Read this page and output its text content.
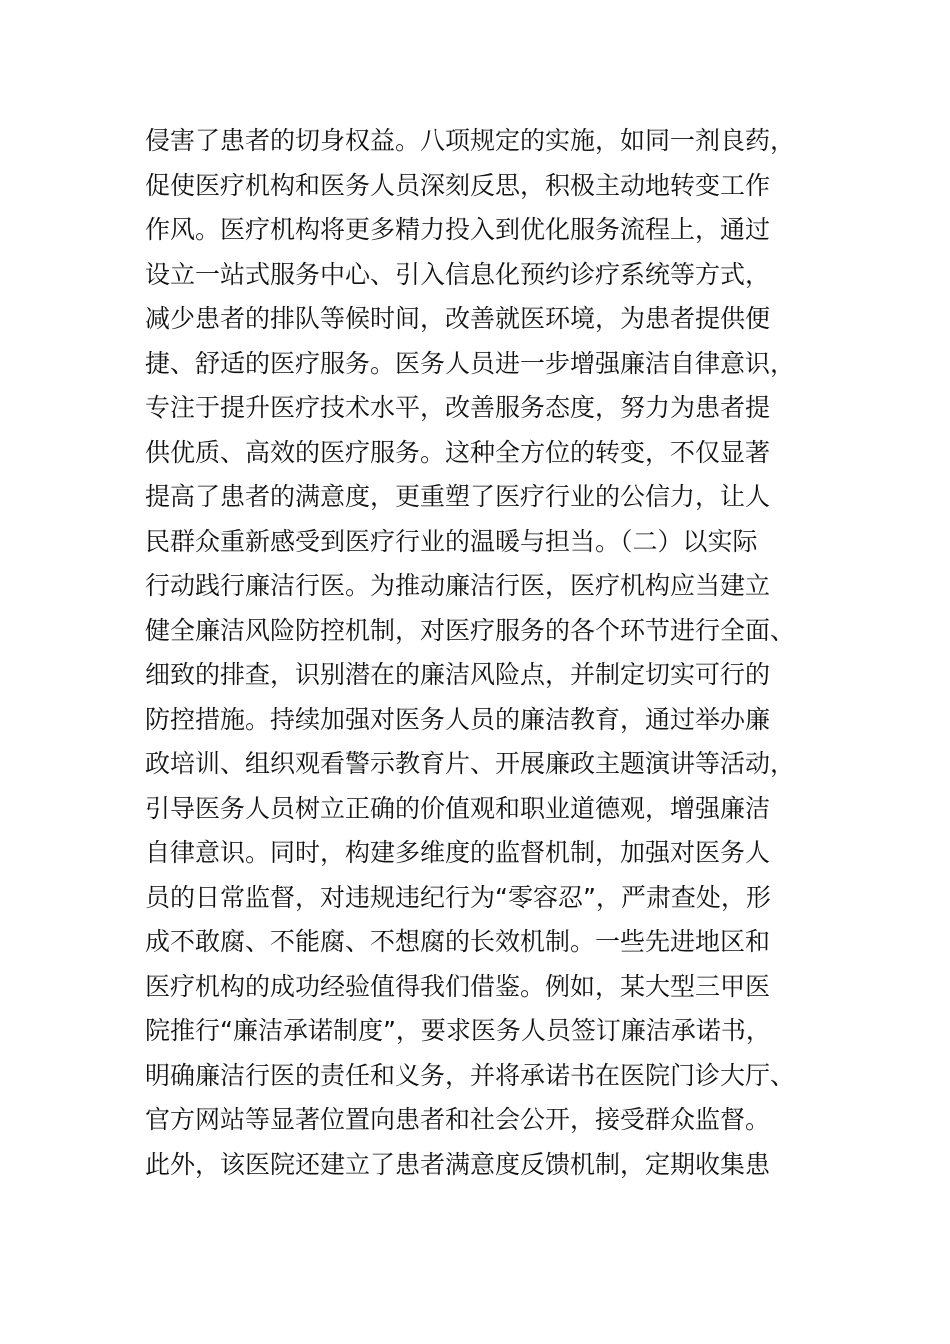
侵害了患者的切身权益。八项规定的实施，如同一剂良药，
促使医疗机构和医务人员深刻反思，积极主动地转变工作
作风。医疗机构将更多精力投入到优化服务流程上，通过
设立一站式服务中心、引入信息化预约诊疗系统等方式，
减少患者的排队等候时间，改善就医环境，为患者提供便
捷、舒适的医疗服务。医务人员进一步增强廉洁自律意识，
专注于提升医疗技术水平，改善服务态度，努力为患者提
供优质、高效的医疗服务。这种全方位的转变，不仅显著
提高了患者的满意度，更重塑了医疗行业的公信力，让人
民群众重新感受到医疗行业的温暖与担当。（二）以实际
行动践行廉洁行医。为推动廉洁行医，医疗机构应当建立
健全廉洁风险防控机制，对医疗服务的各个环节进行全面、
细致的排查，识别潜在的廉洁风险点，并制定切实可行的
防控措施。持续加强对医务人员的廉洁教育，通过举办廉
政培训、组织观看警示教育片、开展廉政主题演讲等活动，
引导医务人员树立正确的价值观和职业道德观，增强廉洁
自律意识。同时，构建多维度的监督机制，加强对医务人
员的日常监督，对违规违纪行为“零容忍”，严肃查处，形
成不敢腐、不能腐、不想腐的长效机制。一些先进地区和
医疗机构的成功经验值得我们借鉴。例如，某大型三甲医
院推行“廉洁承诺制度”，要求医务人员签订廉洁承诺书，
明确廉洁行医的责任和义务，并将承诺书在医院门诊大厅、
官方网站等显著位置向患者和社会公开，接受群众监督。
此外，该医院还建立了患者满意度反馈机制，定期收集患
